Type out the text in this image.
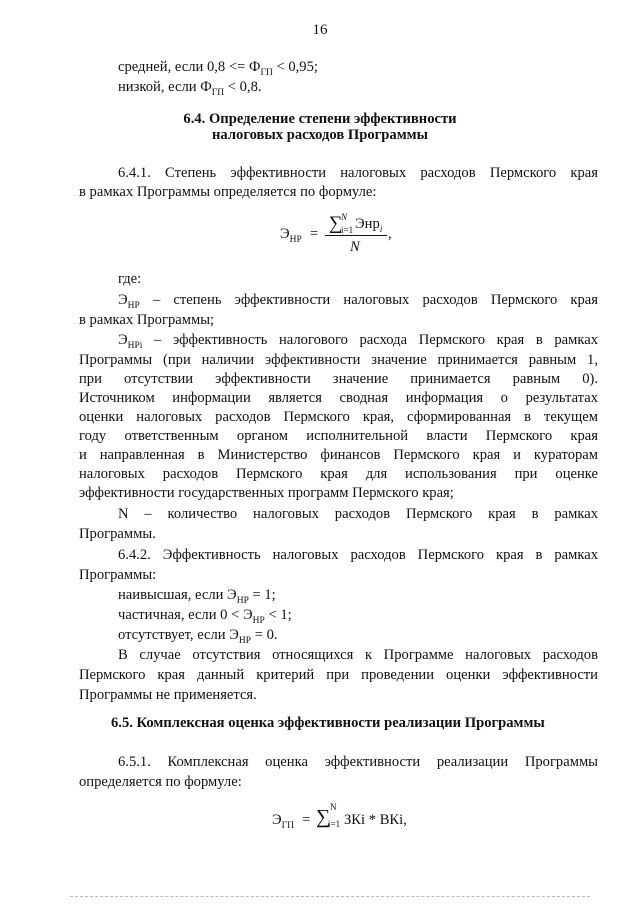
16
средней, если $0,8 <= Ф_{ГП} < 0,95$;
низкой, если $Ф_{ГП} < 0,8$.
6.4. Определение степени эффективности
налоговых расходов Программы
6.4.1. Степень эффективности налоговых расходов Пермского края
в рамках Программы определяется по формуле:
$Э_{НР}$ = ∑
N
i=1 Энр$_i$
N
,
где:
$Э_{НР}$ – степень эффективности налоговых расходов Пермского края
в рамках Программы;
$Э_{НРi}$ – эффективность налогового расхода Пермского края в рамках
Программы (при наличии эффективности значение принимается равным 1,
при отсутствии эффективности значение принимается равным 0).
Источником информации является сводная информация о результатах
оценки налоговых расходов Пермского края, сформированная в текущем
году ответственным органом исполнительной власти Пермского края
и направленная в Министерство финансов Пермского края и кураторам
налоговых расходов Пермского края для использования при оценке
эффективности государственных программ Пермского края;
N – количество налоговых расходов Пермского края в рамках
Программы.
6.4.2. Эффективность налоговых расходов Пермского края в рамках
Программы:
наивысшая, если $Э_{НР} = 1$;
частичная, если $0 < Э_{НР} < 1$;
отсутствует, если $Э_{НР} = 0$.
В случае отсутствия относящихся к Программе налоговых расходов
Пермского края данный критерий при проведении оценки эффективности
Программы не применяется.
6.5. Комплексная оценка эффективности реализации Программы
6.5.1. Комплексная оценка эффективности реализации Программы
определяется по формуле:
$Э_{ГП}$ = ∑ N
i=1 ЗКі * ВКі,
